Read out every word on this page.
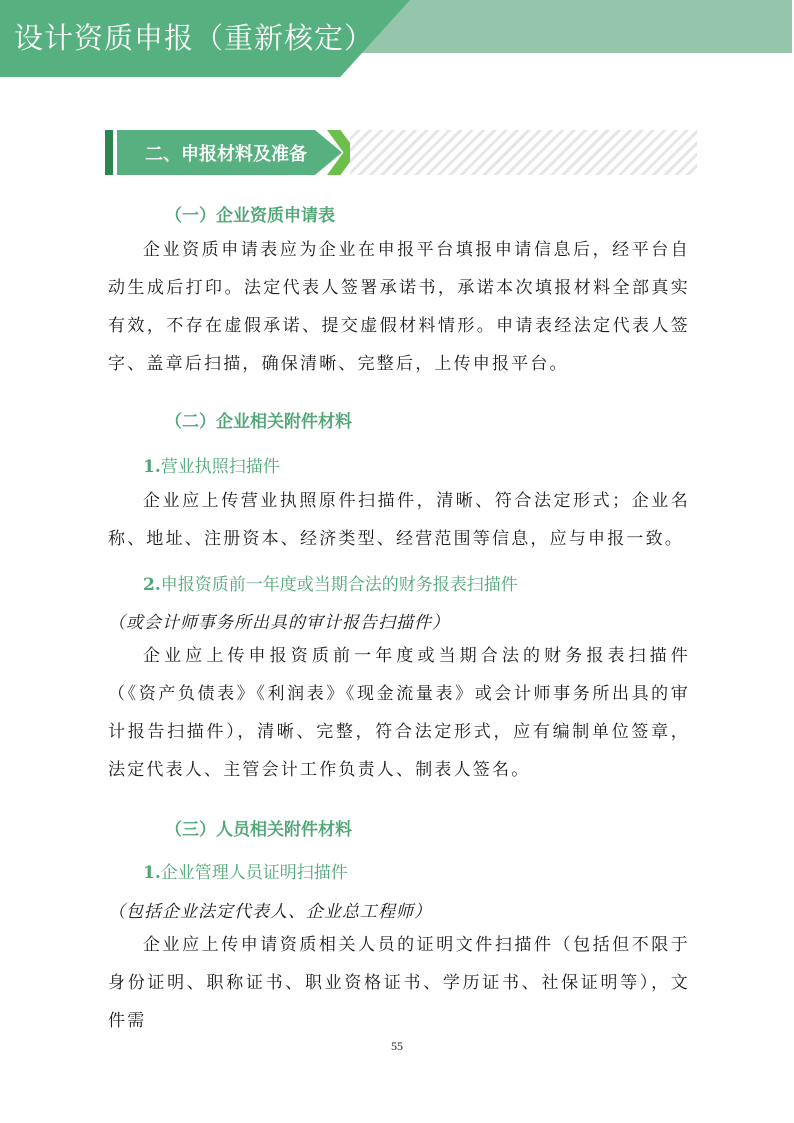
设计资质申报（重新核定）
二、申报材料及准备
（一）企业资质申请表
企业资质申请表应为企业在申报平台填报申请信息后，经平台自动生成后打印。法定代表人签署承诺书，承诺本次填报材料全部真实有效，不存在虚假承诺、提交虚假材料情形。申请表经法定代表人签字、盖章后扫描，确保清晰、完整后，上传申报平台。
（二）企业相关附件材料
1.营业执照扫描件
企业应上传营业执照原件扫描件，清晰、符合法定形式；企业名称、地址、注册资本、经济类型、经营范围等信息，应与申报一致。
2.申报资质前一年度或当期合法的财务报表扫描件
（或会计师事务所出具的审计报告扫描件）
企业应上传申报资质前一年度或当期合法的财务报表扫描件（《资产负债表》《利润表》《现金流量表》或会计师事务所出具的审计报告扫描件），清晰、完整，符合法定形式，应有编制单位签章，法定代表人、主管会计工作负责人、制表人签名。
（三）人员相关附件材料
1.企业管理人员证明扫描件
（包括企业法定代表人、企业总工程师）
企业应上传申请资质相关人员的证明文件扫描件（包括但不限于身份证明、职称证书、职业资格证书、学历证书、社保证明等），文件需
55
